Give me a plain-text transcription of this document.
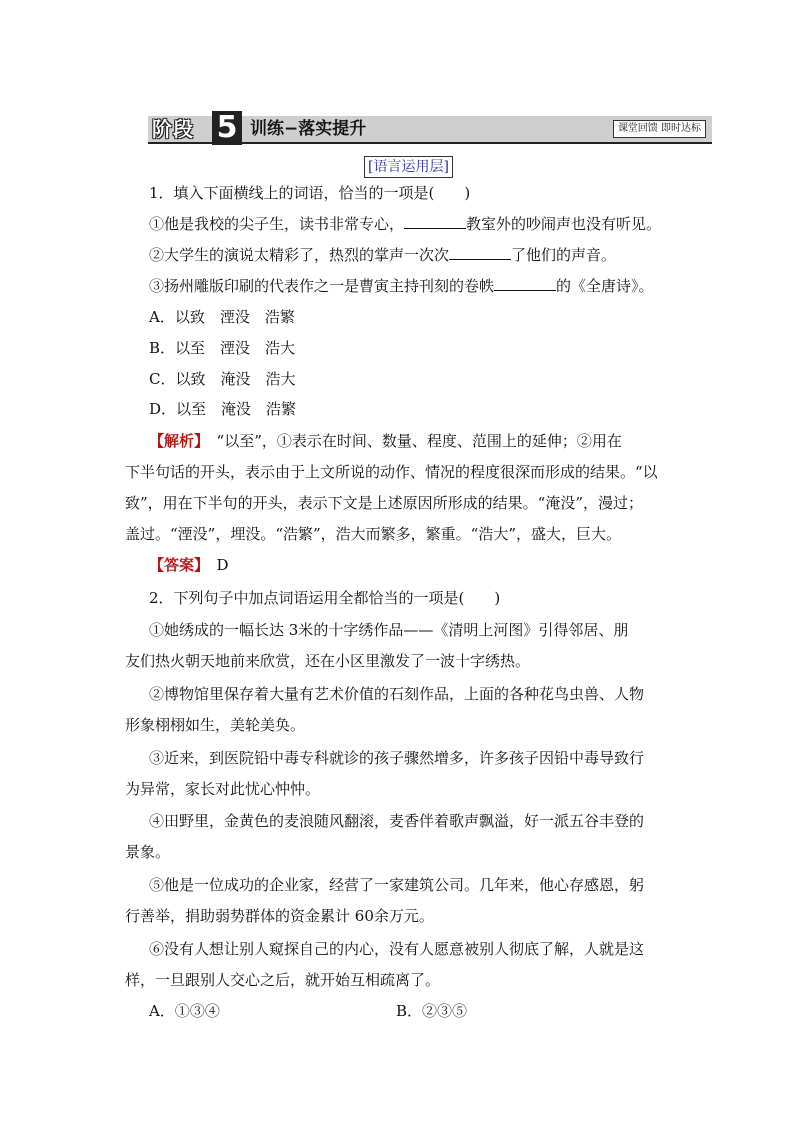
阶段 5 训练−落实提升	课堂回馈 即时达标
[语言运用层]
1．填入下面横线上的词语，恰当的一项是(　　)
①他是我校的尖子生，读书非常专心，	教室外的吵闹声也没有听见。
②大学生的演说太精彩了，热烈的掌声一次次	了他们的声音。
③扬州雕版印刷的代表作之一是曹寅主持刊刻的卷帙	的《全唐诗》。
A．以致　湮没　浩繁
B．以至　湮没　浩大
C．以致　淹没　浩大
D．以至　淹没　浩繁
【解析】　 “以至”，①表示在时间、数量、程度、范围上的延伸；②用在
下半句话的开头，表示由于上文所说的动作、情况的程度很深而形成的结果。“以
致”，用在下半句的开头，表示下文是上述原因所形成的结果。“淹没”，漫过；
盖过。“湮没”，埋没。“浩繁”，浩大而繁多，繁重。“浩大”，盛大，巨大。
【答案】　 D
2．下列句子中加点词语运用全都恰当的一项是(　　)
①她绣成的一幅长达 3米的十字绣作品——《清明上河图》引得邻居、朋
友们热火朝天地前来欣赏，还在小区里激发了一波十字绣热。
②博物馆里保存着大量有艺术价值的石刻作品，上面的各种花鸟虫兽、人物
形象栩栩如生，美轮美奂。
③近来，到医院铅中毒专科就诊的孩子骤然增多，许多孩子因铅中毒导致行
为异常，家长对此忧心忡忡。
④田野里，金黄色的麦浪随风翻滚，麦香伴着歌声飘溢，好一派五谷丰登的
景象。
⑤他是一位成功的企业家，经营了一家建筑公司。几年来，他心存感恩，躬
行善举，捐助弱势群体的资金累计 60余万元。
⑥没有人想让别人窥探自己的内心，没有人愿意被别人彻底了解，人就是这
样，一旦跟别人交心之后，就开始互相疏离了。
A．①③④	B．②③⑤
